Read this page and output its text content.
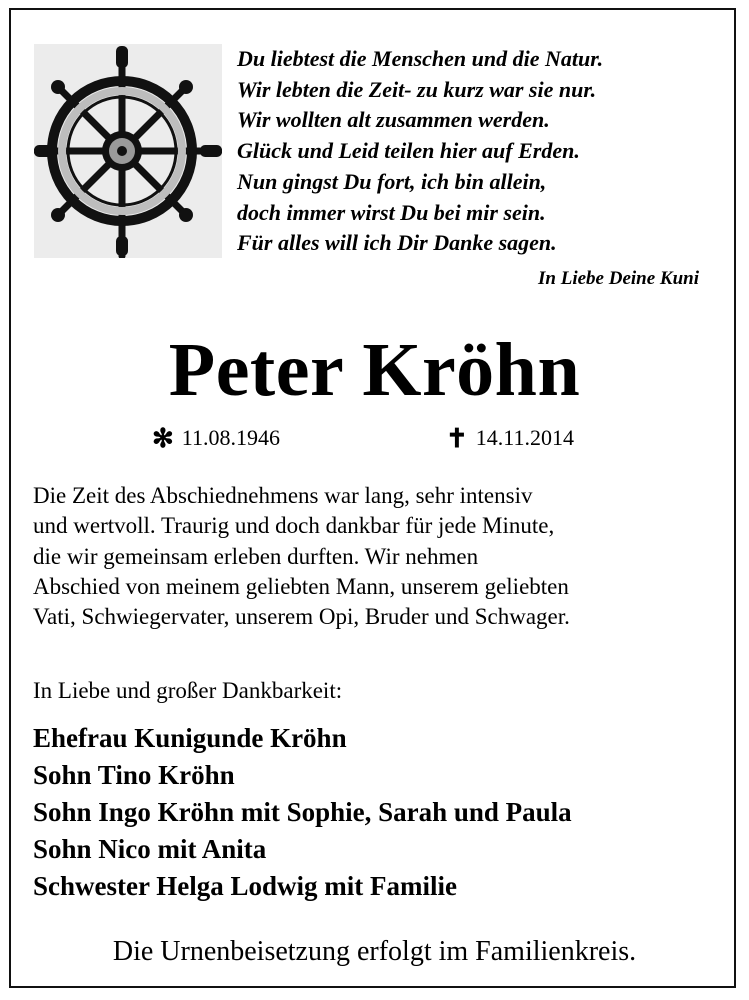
Du liebtest die Menschen und die Natur.
Wir lebten die Zeit- zu kurz war sie nur.
Wir wollten alt zusammen werden.
Glück und Leid teilen hier auf Erden.
Nun gingst Du fort, ich bin allein,
doch immer wirst Du bei mir sein.
Für alles will ich Dir Danke sagen.
In Liebe Deine Kuni
Peter Kröhn
✻ 11.08.1946	✝ 14.11.2014
Die Zeit des Abschiednehmens war lang, sehr intensiv
und wertvoll. Traurig und doch dankbar für jede Minute,
die wir gemeinsam erleben durften. Wir nehmen
Abschied von meinem geliebten Mann, unserem geliebten
Vati, Schwiegervater, unserem Opi, Bruder und Schwager.
In Liebe und großer Dankbarkeit:
Ehefrau Kunigunde Kröhn
Sohn Tino Kröhn
Sohn Ingo Kröhn mit Sophie, Sarah und Paula
Sohn Nico mit Anita
Schwester Helga Lodwig mit Familie
Die Urnenbeisetzung erfolgt im Familienkreis.
